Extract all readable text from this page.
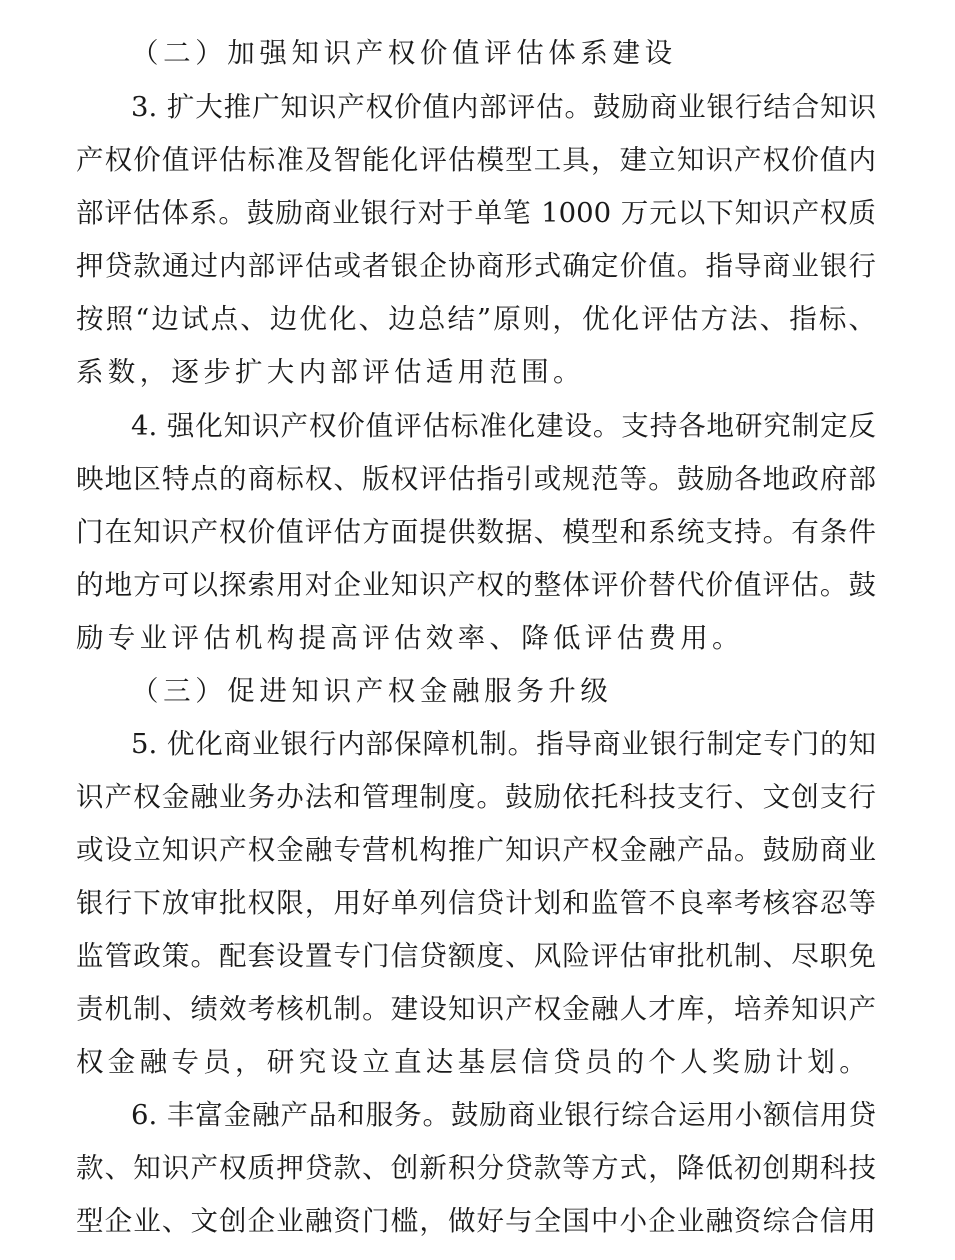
（二）加强知识产权价值评估体系建设
3. 扩大推广知识产权价值内部评估。鼓励商业银行结合知识
产权价值评估标准及智能化评估模型工具，建立知识产权价值内
部评估体系。鼓励商业银行对于单笔 1000 万元以下知识产权质
押贷款通过内部评估或者银企协商形式确定价值。指导商业银行
按照“边试点、边优化、边总结”原则，优化评估方法、指标、
系数，逐步扩大内部评估适用范围。
4. 强化知识产权价值评估标准化建设。支持各地研究制定反
映地区特点的商标权、版权评估指引或规范等。鼓励各地政府部
门在知识产权价值评估方面提供数据、模型和系统支持。有条件
的地方可以探索用对企业知识产权的整体评价替代价值评估。鼓
励专业评估机构提高评估效率、降低评估费用。
（三）促进知识产权金融服务升级
5. 优化商业银行内部保障机制。指导商业银行制定专门的知
识产权金融业务办法和管理制度。鼓励依托科技支行、文创支行
或设立知识产权金融专营机构推广知识产权金融产品。鼓励商业
银行下放审批权限，用好单列信贷计划和监管不良率考核容忍等
监管政策。配套设置专门信贷额度、风险评估审批机制、尽职免
责机制、绩效考核机制。建设知识产权金融人才库，培养知识产
权金融专员，研究设立直达基层信贷员的个人奖励计划。
6. 丰富金融产品和服务。鼓励商业银行综合运用小额信用贷
款、知识产权质押贷款、创新积分贷款等方式，降低初创期科技
型企业、文创企业融资门槛，做好与全国中小企业融资综合信用
